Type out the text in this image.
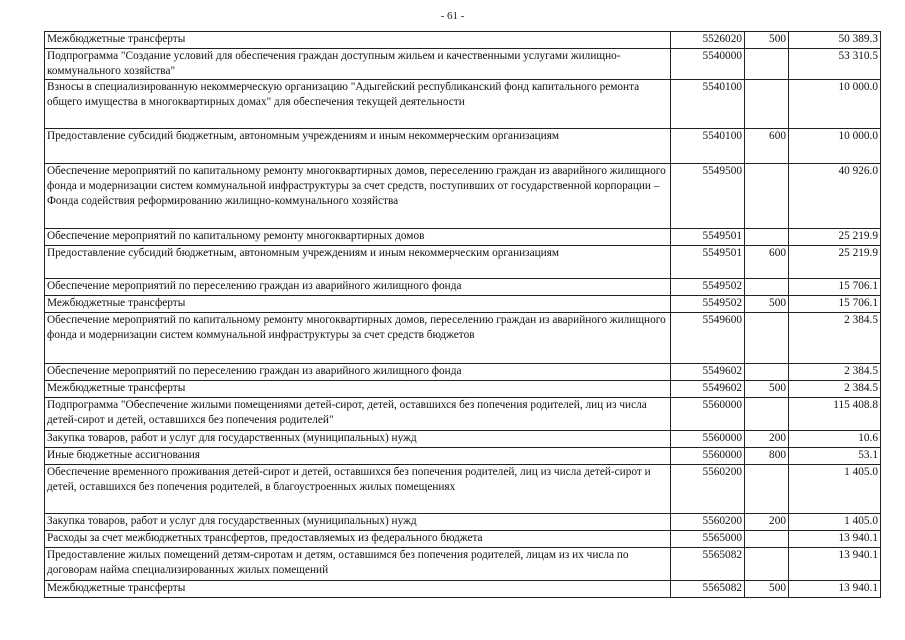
- 61 -
Межбюджетные трансферты	5526020	500	50 389.3
Подпрограмма "Создание условий для обеспечения граждан доступным жильем и качественными услугами жилищно-коммунального хозяйства"	5540000		53 310.5
Взносы в специализированную некоммерческую организацию "Адыгейский республиканский фонд капитального ремонта общего имущества в многоквартирных домах" для обеспечения текущей деятельности	5540100		10 000.0
Предоставление субсидий бюджетным, автономным учреждениям и иным некоммерческим организациям	5540100	600	10 000.0
Обеспечение мероприятий по капитальному ремонту многоквартирных домов, переселению граждан из аварийного жилищного фонда и модернизации систем коммунальной инфраструктуры за счет средств, поступивших от государственной корпорации – Фонда содействия реформированию жилищно-коммунального хозяйства	5549500		40 926.0
Обеспечение мероприятий по капитальному ремонту многоквартирных домов	5549501		25 219.9
Предоставление субсидий бюджетным, автономным учреждениям и иным некоммерческим организациям	5549501	600	25 219.9
Обеспечение мероприятий по переселению граждан из аварийного жилищного фонда	5549502		15 706.1
Межбюджетные трансферты	5549502	500	15 706.1
Обеспечение мероприятий по капитальному ремонту многоквартирных домов, переселению граждан из аварийного жилищного фонда и модернизации систем коммунальной инфраструктуры за счет средств бюджетов	5549600		2 384.5
Обеспечение мероприятий по переселению граждан из аварийного жилищного фонда	5549602		2 384.5
Межбюджетные трансферты	5549602	500	2 384.5
Подпрограмма "Обеспечение жилыми помещениями детей-сирот, детей, оставшихся без попечения родителей, лиц из числа детей-сирот и детей, оставшихся без попечения родителей"	5560000		115 408.8
Закупка товаров, работ и услуг для государственных (муниципальных) нужд	5560000	200	10.6
Иные бюджетные ассигнования	5560000	800	53.1
Обеспечение временного проживания детей-сирот и детей, оставшихся без попечения родителей, лиц из числа детей-сирот и детей, оставшихся без попечения родителей, в благоустроенных жилых помещениях	5560200		1 405.0
Закупка товаров, работ и услуг для государственных (муниципальных) нужд	5560200	200	1 405.0
Расходы за счет межбюджетных трансфертов, предоставляемых из федерального бюджета	5565000		13 940.1
Предоставление жилых помещений детям-сиротам и детям, оставшимся без попечения родителей, лицам из их числа по договорам найма специализированных жилых помещений	5565082		13 940.1
Межбюджетные трансферты	5565082	500	13 940.1
